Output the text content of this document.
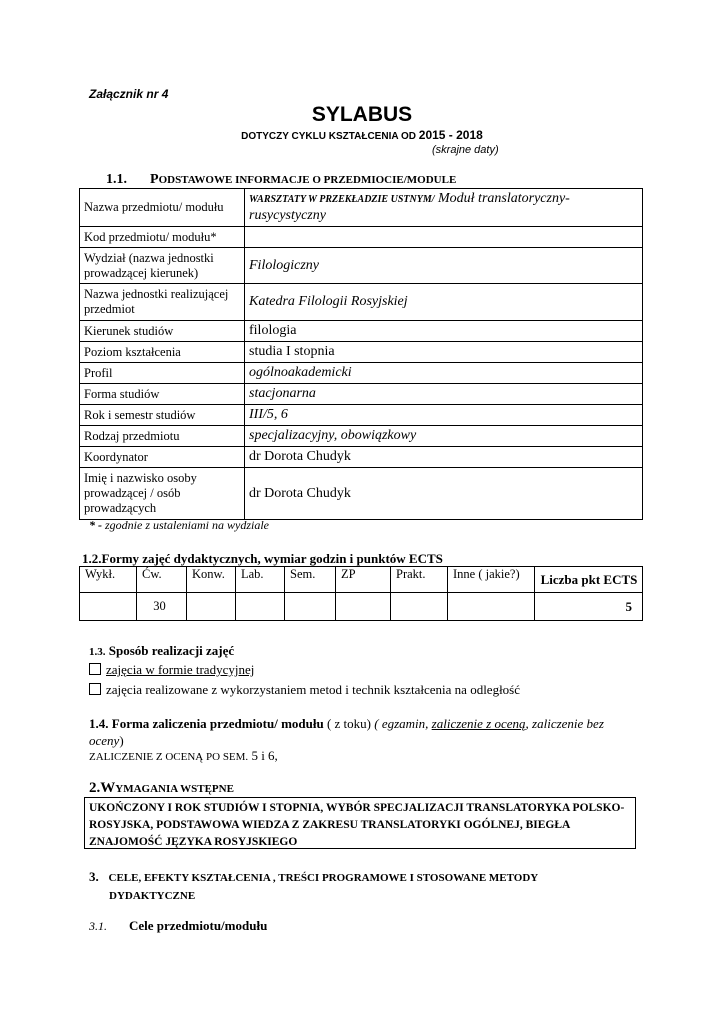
Załącznik nr 4
SYLABUS
DOTYCZY CYKLU KSZTAŁCENIA OD 2015 - 2018
(skrajne daty)
1.1. PODSTAWOWE INFORMACJE O PRZEDMIOCIE/MODULE
Nazwa przedmiotu/ modułu	WARSZTATY W PRZEKŁADZIE USTNYM/ Moduł translatoryczny-rusycystyczny
Kod przedmiotu/ modułu*	
Wydział (nazwa jednostki prowadzącej kierunek)	Filologiczny
Nazwa jednostki realizującej przedmiot	Katedra Filologii Rosyjskiej
Kierunek studiów	filologia
Poziom kształcenia	studia I stopnia
Profil	ogólnoakademicki
Forma studiów	stacjonarna
Rok i semestr studiów	III/5, 6
Rodzaj przedmiotu	specjalizacyjny, obowiązkowy
Koordynator	dr Dorota Chudyk
Imię i nazwisko osoby prowadzącej / osób prowadzących	dr Dorota Chudyk
* - zgodnie z ustaleniami na wydziale
1.2.Formy zajęć dydaktycznych, wymiar godzin i punktów ECTS
Wykł.	Ćw.	Konw.	Lab.	Sem.	ZP	Prakt.	Inne ( jakie?)	Liczba pkt ECTS
	30							5
1.3. Sposób realizacji zajęć
zajęcia w formie tradycyjnej
zajęcia realizowane z wykorzystaniem metod i technik kształcenia na odległość
1.4. Forma zaliczenia przedmiotu/ modułu ( z toku) ( egzamin, zaliczenie z oceną, zaliczenie bez oceny)
ZALICZENIE Z OCENĄ PO SEM. 5 i 6,
2.WYMAGANIA WSTĘPNE
UKOŃCZONY I ROK STUDIÓW I STOPNIA, WYBÓR SPECJALIZACJI TRANSLATORYKA POLSKO-ROSYJSKA, PODSTAWOWA WIEDZA Z ZAKRESU TRANSLATORYKI OGÓLNEJ, BIEGŁA ZNAJOMOŚĆ JĘZYKA ROSYJSKIEGO
3. CELE, EFEKTY KSZTAŁCENIA , TREŚCI PROGRAMOWE I STOSOWANE METODY
DYDAKTYCZNE
3.1. Cele przedmiotu/modułu
